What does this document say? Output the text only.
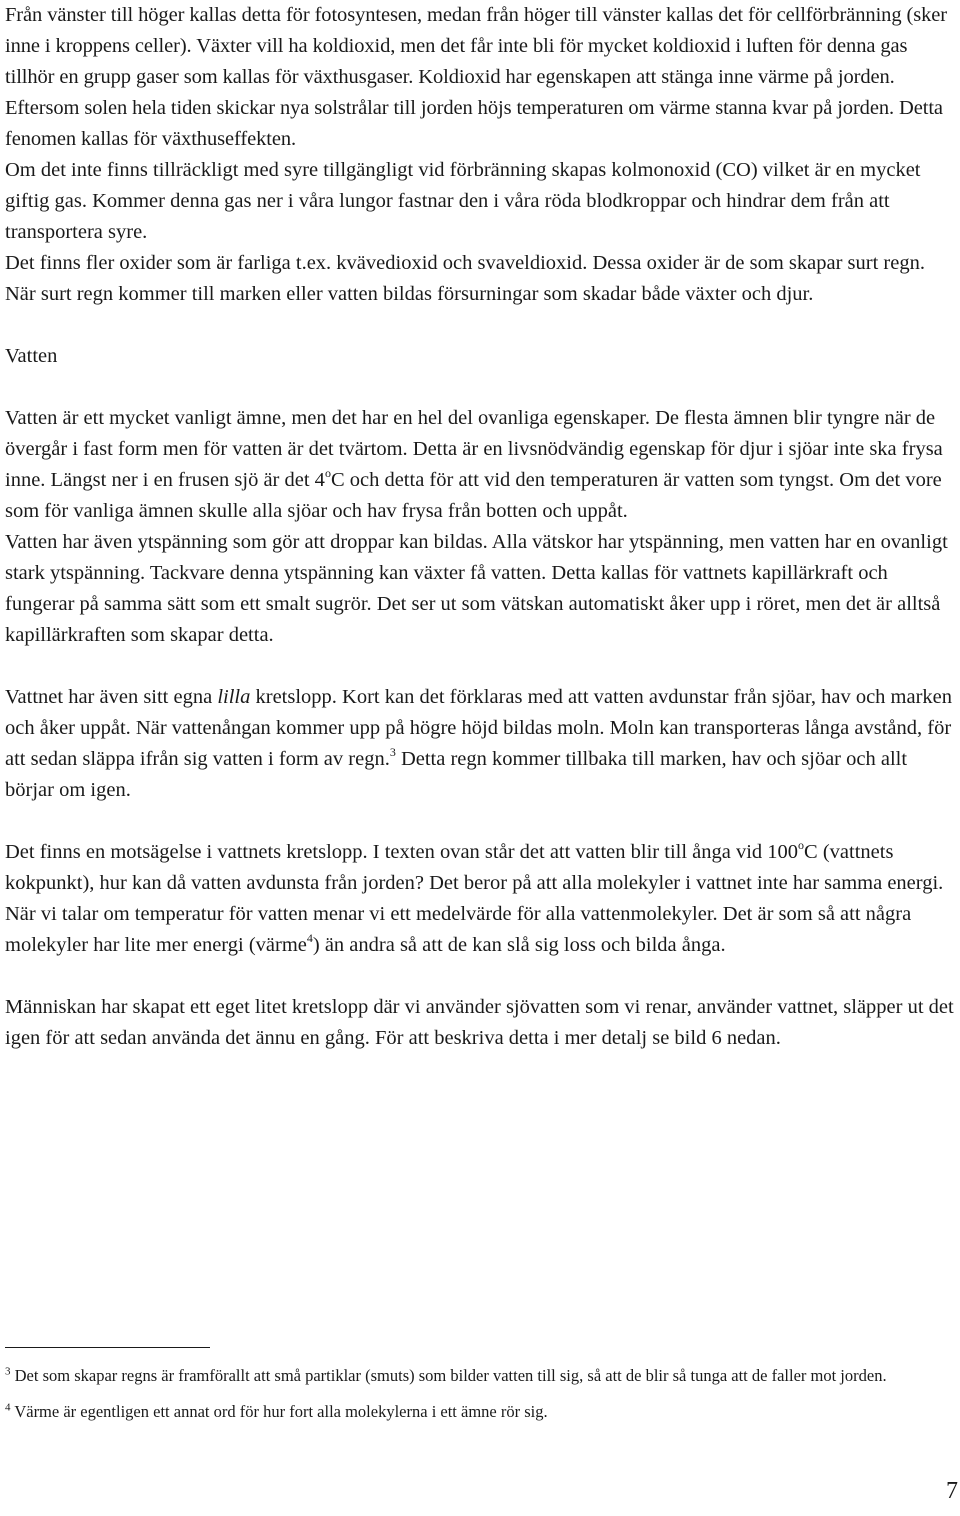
Från vänster till höger kallas detta för fotosyntesen, medan från höger till vänster kallas det för cellförbränning (sker inne i kroppens celler). Växter vill ha koldioxid, men det får inte bli för mycket koldioxid i luften för denna gas tillhör en grupp gaser som kallas för växthusgaser. Koldioxid har egenskapen att stänga inne värme på jorden. Eftersom solen hela tiden skickar nya solstrålar till jorden höjs temperaturen om värme stanna kvar på jorden. Detta fenomen kallas för växthuseffekten.

Om det inte finns tillräckligt med syre tillgängligt vid förbränning skapas kolmonoxid (CO) vilket är en mycket giftig gas. Kommer denna gas ner i våra lungor fastnar den i våra röda blodkroppar och hindrar dem från att transportera syre.

Det finns fler oxider som är farliga t.ex. kvävedioxid och svaveldioxid. Dessa oxider är de som skapar surt regn. När surt regn kommer till marken eller vatten bildas försurningar som skadar både växter och djur.

Vatten

Vatten är ett mycket vanligt ämne, men det har en hel del ovanliga egenskaper. De flesta ämnen blir tyngre när de övergår i fast form men för vatten är det tvärtom. Detta är en livsnödvändig egenskap för djur i sjöar inte ska frysa inne. Längst ner i en frusen sjö är det 4$^o$C och detta för att vid den temperaturen är vatten som tyngst. Om det vore som för vanliga ämnen skulle alla sjöar och hav frysa från botten och uppåt.

Vatten har även ytspänning som gör att droppar kan bildas. Alla vätskor har ytspänning, men vatten har en ovanligt stark ytspänning. Tackvare denna ytspänning kan växter få vatten. Detta kallas för vattnets kapillärkraft och fungerar på samma sätt som ett smalt sugrör. Det ser ut som vätskan automatiskt åker upp i röret, men det är alltså kapillärkraften som skapar detta.

Vattnet har även sitt egna lilla kretslopp. Kort kan det förklaras med att vatten avdunstar från sjöar, hav och marken och åker uppåt. När vattenångan kommer upp på högre höjd bildas moln. Moln kan transporteras långa avstånd, för att sedan släppa ifrån sig vatten i form av regn.$^3$ Detta regn kommer tillbaka till marken, hav och sjöar och allt börjar om igen.

Det finns en motsägelse i vattnets kretslopp. I texten ovan står det att vatten blir till ånga vid 100$^o$C (vattnets kokpunkt), hur kan då vatten avdunsta från jorden? Det beror på att alla molekyler i vattnet inte har samma energi. När vi talar om temperatur för vatten menar vi ett medelvärde för alla vattenmolekyler. Det är som så att några molekyler har lite mer energi (värme$^4$) än andra så att de kan slå sig loss och bilda ånga.

Människan har skapat ett eget litet kretslopp där vi använder sjövatten som vi renar, använder vattnet, släpper ut det igen för att sedan använda det ännu en gång. För att beskriva detta i mer detalj se bild 6 nedan.

$^3$ Det som skapar regns är framförallt att små partiklar (smuts) som bilder vatten till sig, så att de blir så tunga att de faller mot jorden.

$^4$ Värme är egentligen ett annat ord för hur fort alla molekylerna i ett ämne rör sig.

7
